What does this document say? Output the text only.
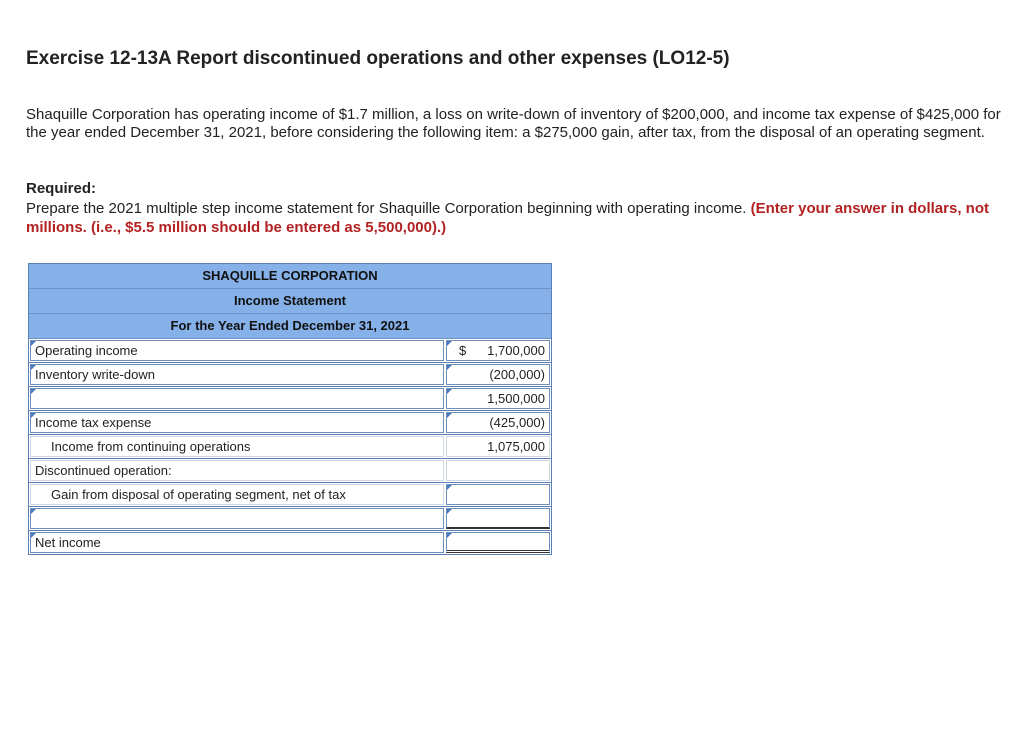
Exercise 12-13A Report discontinued operations and other expenses (LO12-5)
Shaquille Corporation has operating income of $1.7 million, a loss on write-down of inventory of $200,000, and income tax expense of $425,000 for the year ended December 31, 2021, before considering the following item: a $275,000 gain, after tax, from the disposal of an operating segment.
Required:
Prepare the 2021 multiple step income statement for Shaquille Corporation beginning with operating income. (Enter your answer in dollars, not millions. (i.e., $5.5 million should be entered as 5,500,000).)
SHAQUILLE CORPORATION
Income Statement
For the Year Ended December 31, 2021
Operating income	$ 1,700,000
Inventory write-down	(200,000)
1,500,000
Income tax expense	(425,000)
Income from continuing operations	1,075,000
Discontinued operation:
Gain from disposal of operating segment, net of tax
Net income
